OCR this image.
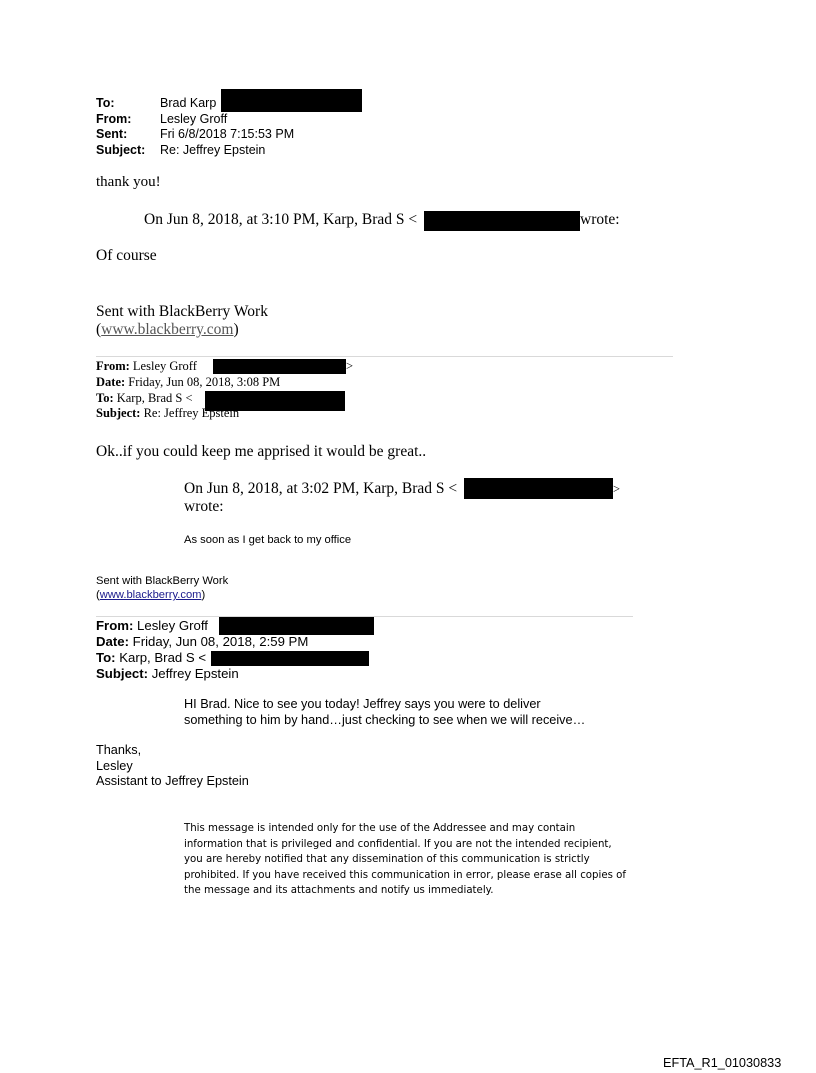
To:	Brad Karp
From: Lesley Groff
Sent:	Fri 6/8/2018 7:15:53 PM
Subject: Re: Jeffrey Epstein
thank you!
On Jun 8, 2018, at 3:10 PM, Karp, Brad S <	wrote:
Of course
Sent with BlackBerry Work
(www.blackberry.com)
From: Lesley Groff	>
Date: Friday, Jun 08, 2018, 3:08 PM
To: Karp, Brad S <
Subject: Re: Jeffrey Epstein
Ok..if you could keep me apprised it would be great..
On Jun 8, 2018, at 3:02 PM, Karp, Brad S <	>
wrote:
As soon as I get back to my office
Sent with BlackBerry Work
(www.blackberry.com)
From: Lesley Groff
Date: Friday, Jun 08, 2018, 2:59 PM
To: Karp, Brad S <
Subject: Jeffrey Epstein
HI Brad. Nice to see you today! Jeffrey says you were to deliver
something to him by hand…just checking to see when we will receive…
Thanks,
Lesley
Assistant to Jeffrey Epstein
This message is intended only for the use of the Addressee and may contain
information that is privileged and confidential. If you are not the intended recipient,
you are hereby notified that any dissemination of this communication is strictly
prohibited. If you have received this communication in error, please erase all copies of
the message and its attachments and notify us immediately.
EFTA_R1_01030833
